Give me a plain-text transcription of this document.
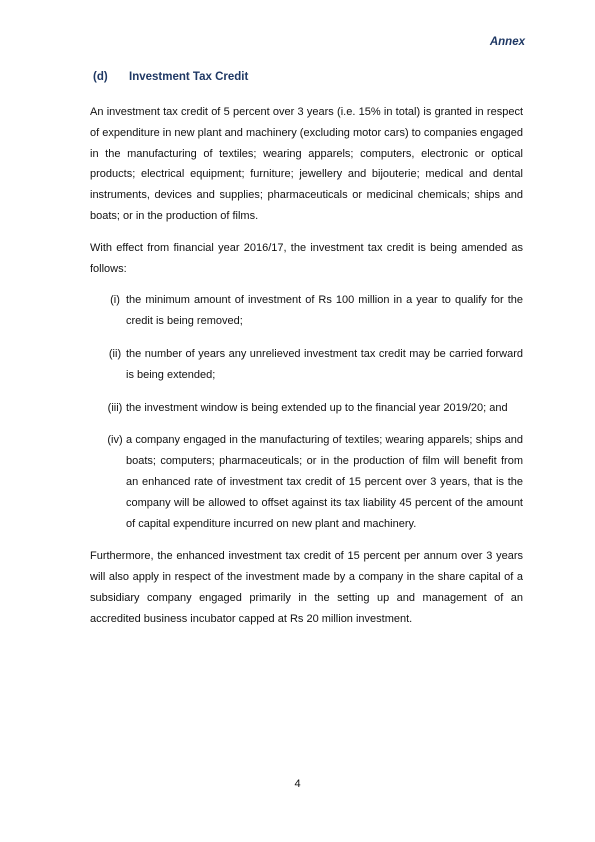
Annex
(d)	Investment Tax Credit

An investment tax credit of 5 percent over 3 years (i.e. 15% in total) is granted in respect of expenditure in new plant and machinery (excluding motor cars) to companies engaged in the manufacturing of textiles; wearing apparels; computers, electronic or optical products; electrical equipment; furniture; jewellery and bijouterie; medical and dental instruments, devices and supplies; pharmaceuticals or medicinal chemicals; ships and boats; or in the production of films.

With effect from financial year 2016/17, the investment tax credit is being amended as follows:

(i) the minimum amount of investment of Rs 100 million in a year to qualify for the credit is being removed;
(ii) the number of years any unrelieved investment tax credit may be carried forward is being extended;
(iii) the investment window is being extended up to the financial year 2019/20; and
(iv) a company engaged in the manufacturing of textiles; wearing apparels; ships and boats; computers; pharmaceuticals; or in the production of film will benefit from an enhanced rate of investment tax credit of 15 percent over 3 years, that is the company will be allowed to offset against its tax liability 45 percent of the amount of capital expenditure incurred on new plant and machinery.

Furthermore, the enhanced investment tax credit of 15 percent per annum over 3 years will also apply in respect of the investment made by a company in the share capital of a subsidiary company engaged primarily in the setting up and management of an accredited business incubator capped at Rs 20 million investment.

4
